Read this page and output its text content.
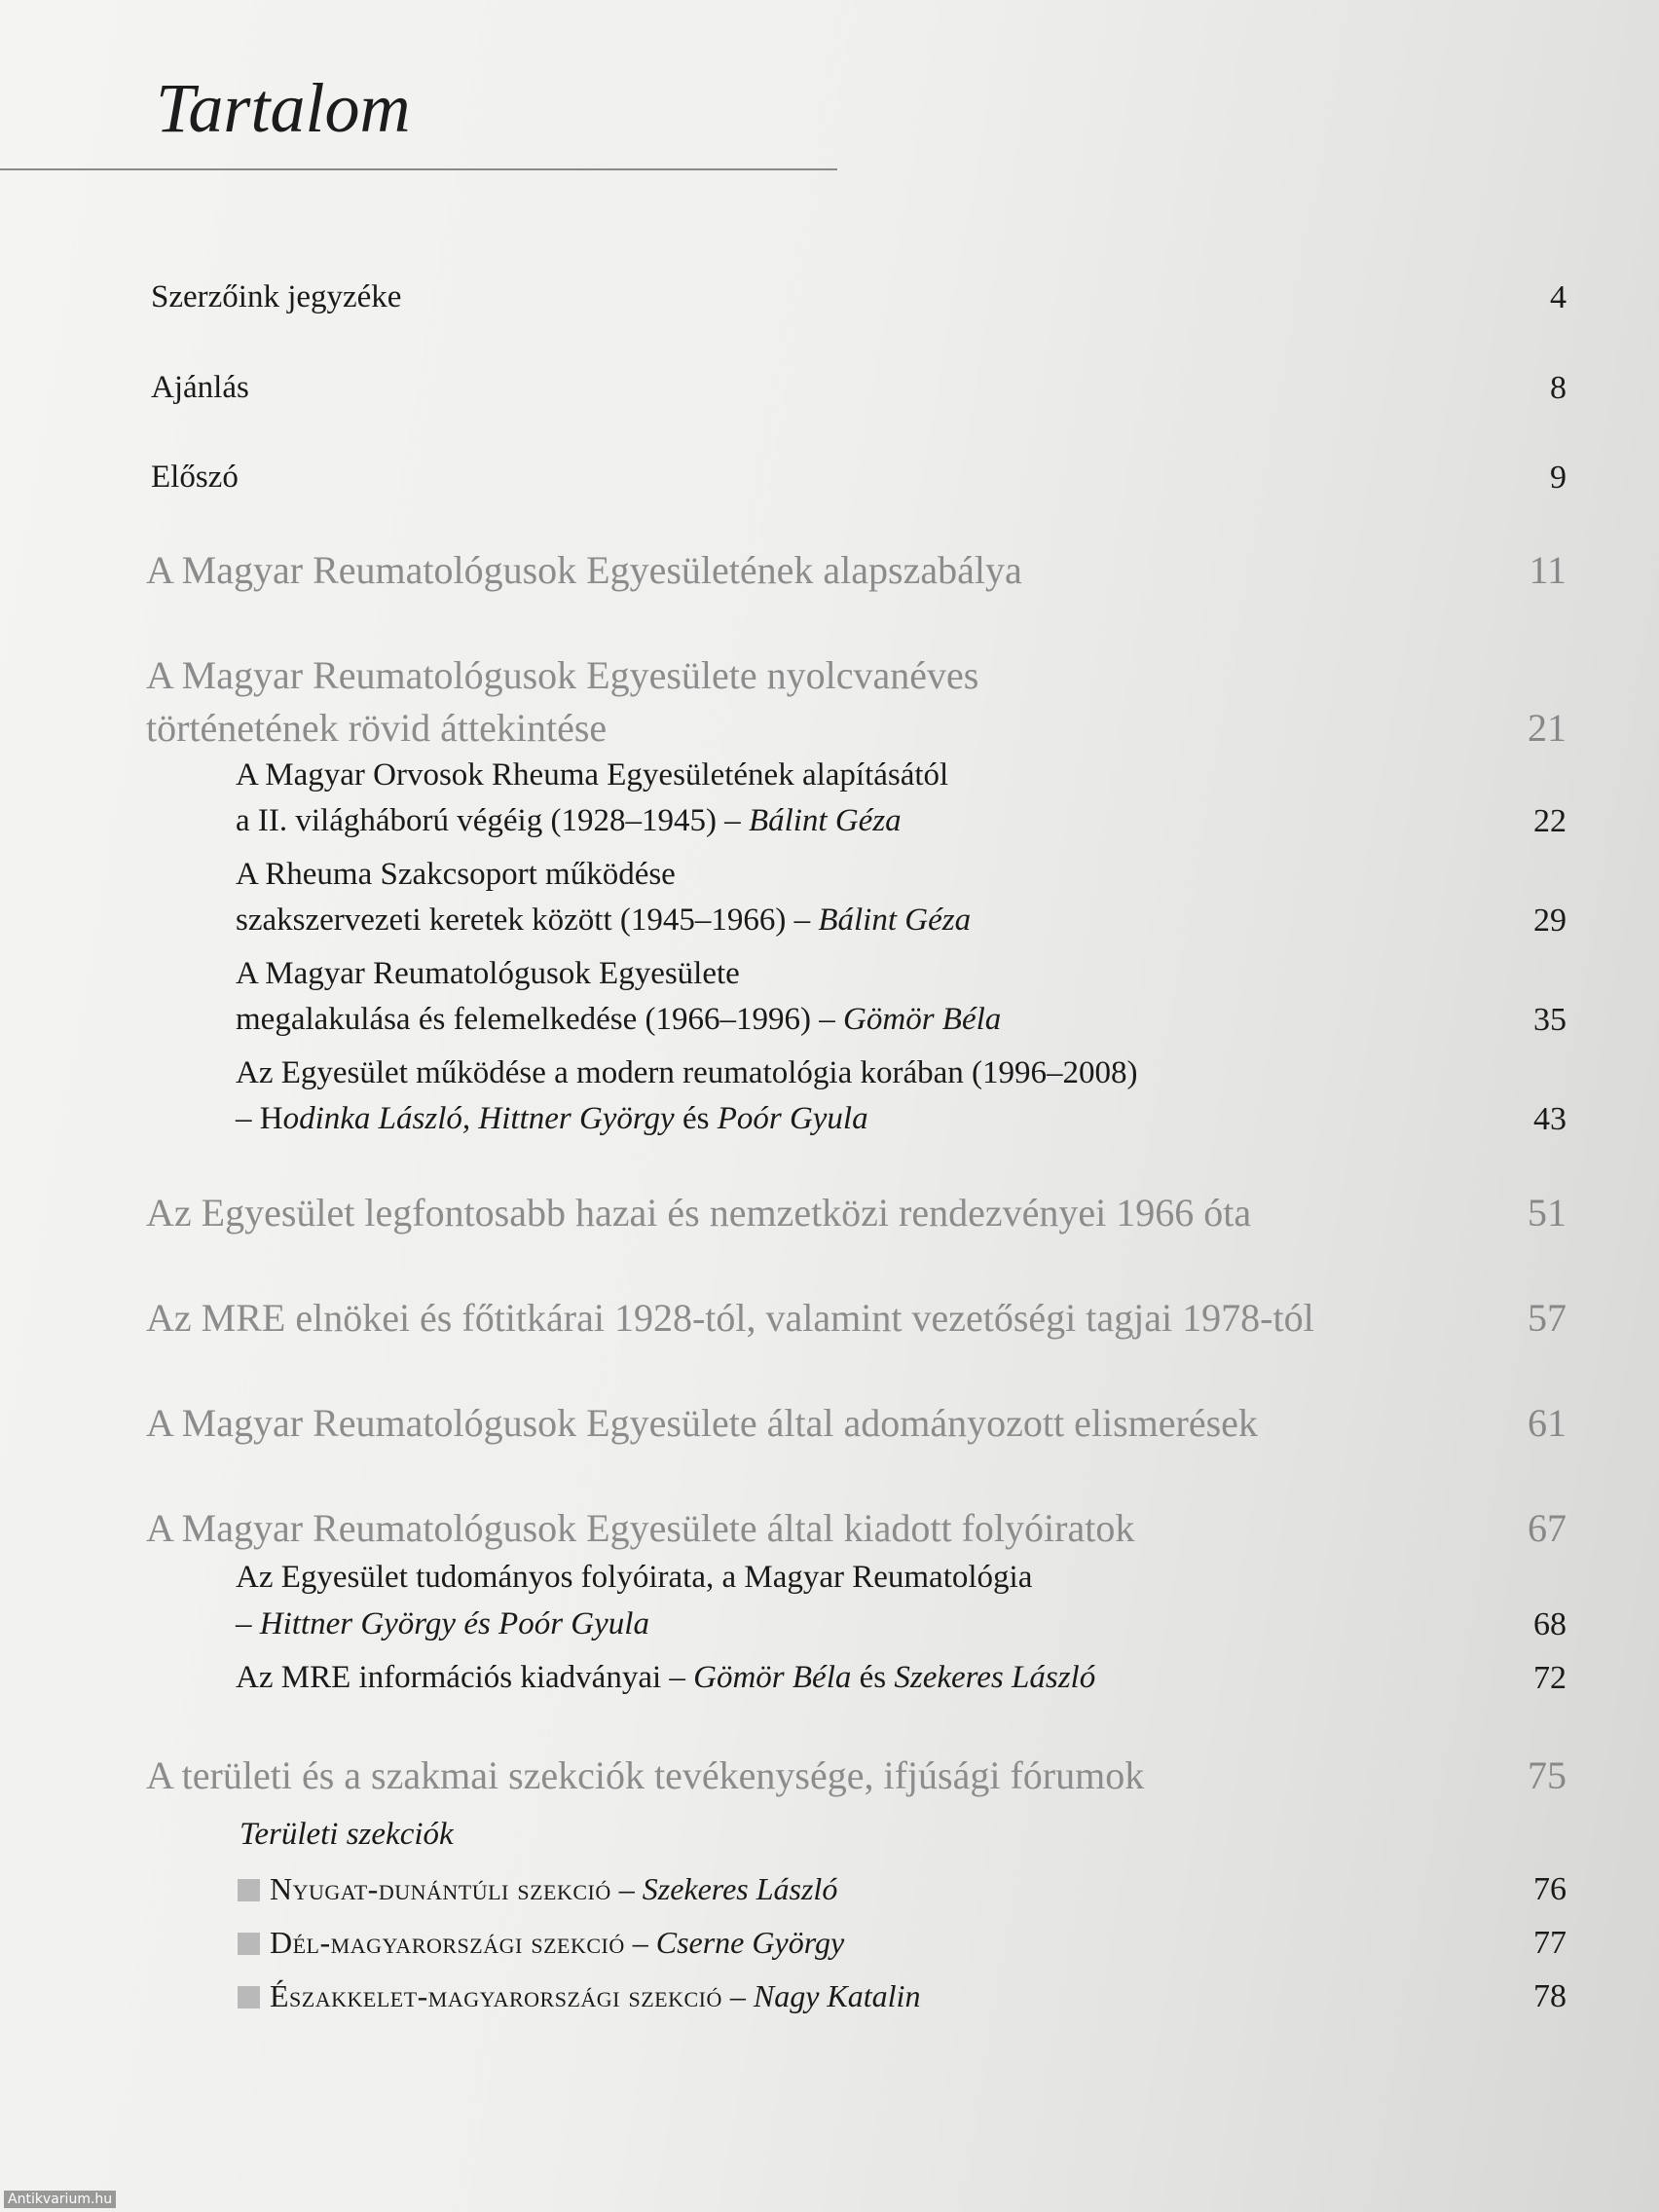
Tartalom
Szerzőink jegyzéke	4
Ajánlás	8
Előszó	9
A Magyar Reumatológusok Egyesületének alapszabálya	11
A Magyar Reumatológusok Egyesülete nyolcvanéves
történetének rövid áttekintése	21
A Magyar Orvosok Rheuma Egyesületének alapításától
a II. világháború végéig (1928–1945) – Bálint Géza	22
A Rheuma Szakcsoport működése
szakszervezeti keretek között (1945–1966) – Bálint Géza	29
A Magyar Reumatológusok Egyesülete
megalakulása és felemelkedése (1966–1996) – Gömör Béla	35
Az Egyesület működése a modern reumatológia korában (1996–2008)
– Hodinka László, Hittner György és Poór Gyula	43
Az Egyesület legfontosabb hazai és nemzetközi rendezvényei 1966 óta	51
Az MRE elnökei és főtitkárai 1928-tól, valamint vezetőségi tagjai 1978-tól	57
A Magyar Reumatológusok Egyesülete által adományozott elismerések	61
A Magyar Reumatológusok Egyesülete által kiadott folyóiratok	67
Az Egyesület tudományos folyóirata, a Magyar Reumatológia
– Hittner György és Poór Gyula	68
Az MRE információs kiadványai – Gömör Béla és Szekeres László	72
A területi és a szakmai szekciók tevékenysége, ifjúsági fórumok	75
Területi szekciók
Nyugat-dunántúli szekció – Szekeres László	76
Dél-magyarországi szekció – Cserne György	77
Északkelet-magyarországi szekció – Nagy Katalin	78
Antikvarium.hu
